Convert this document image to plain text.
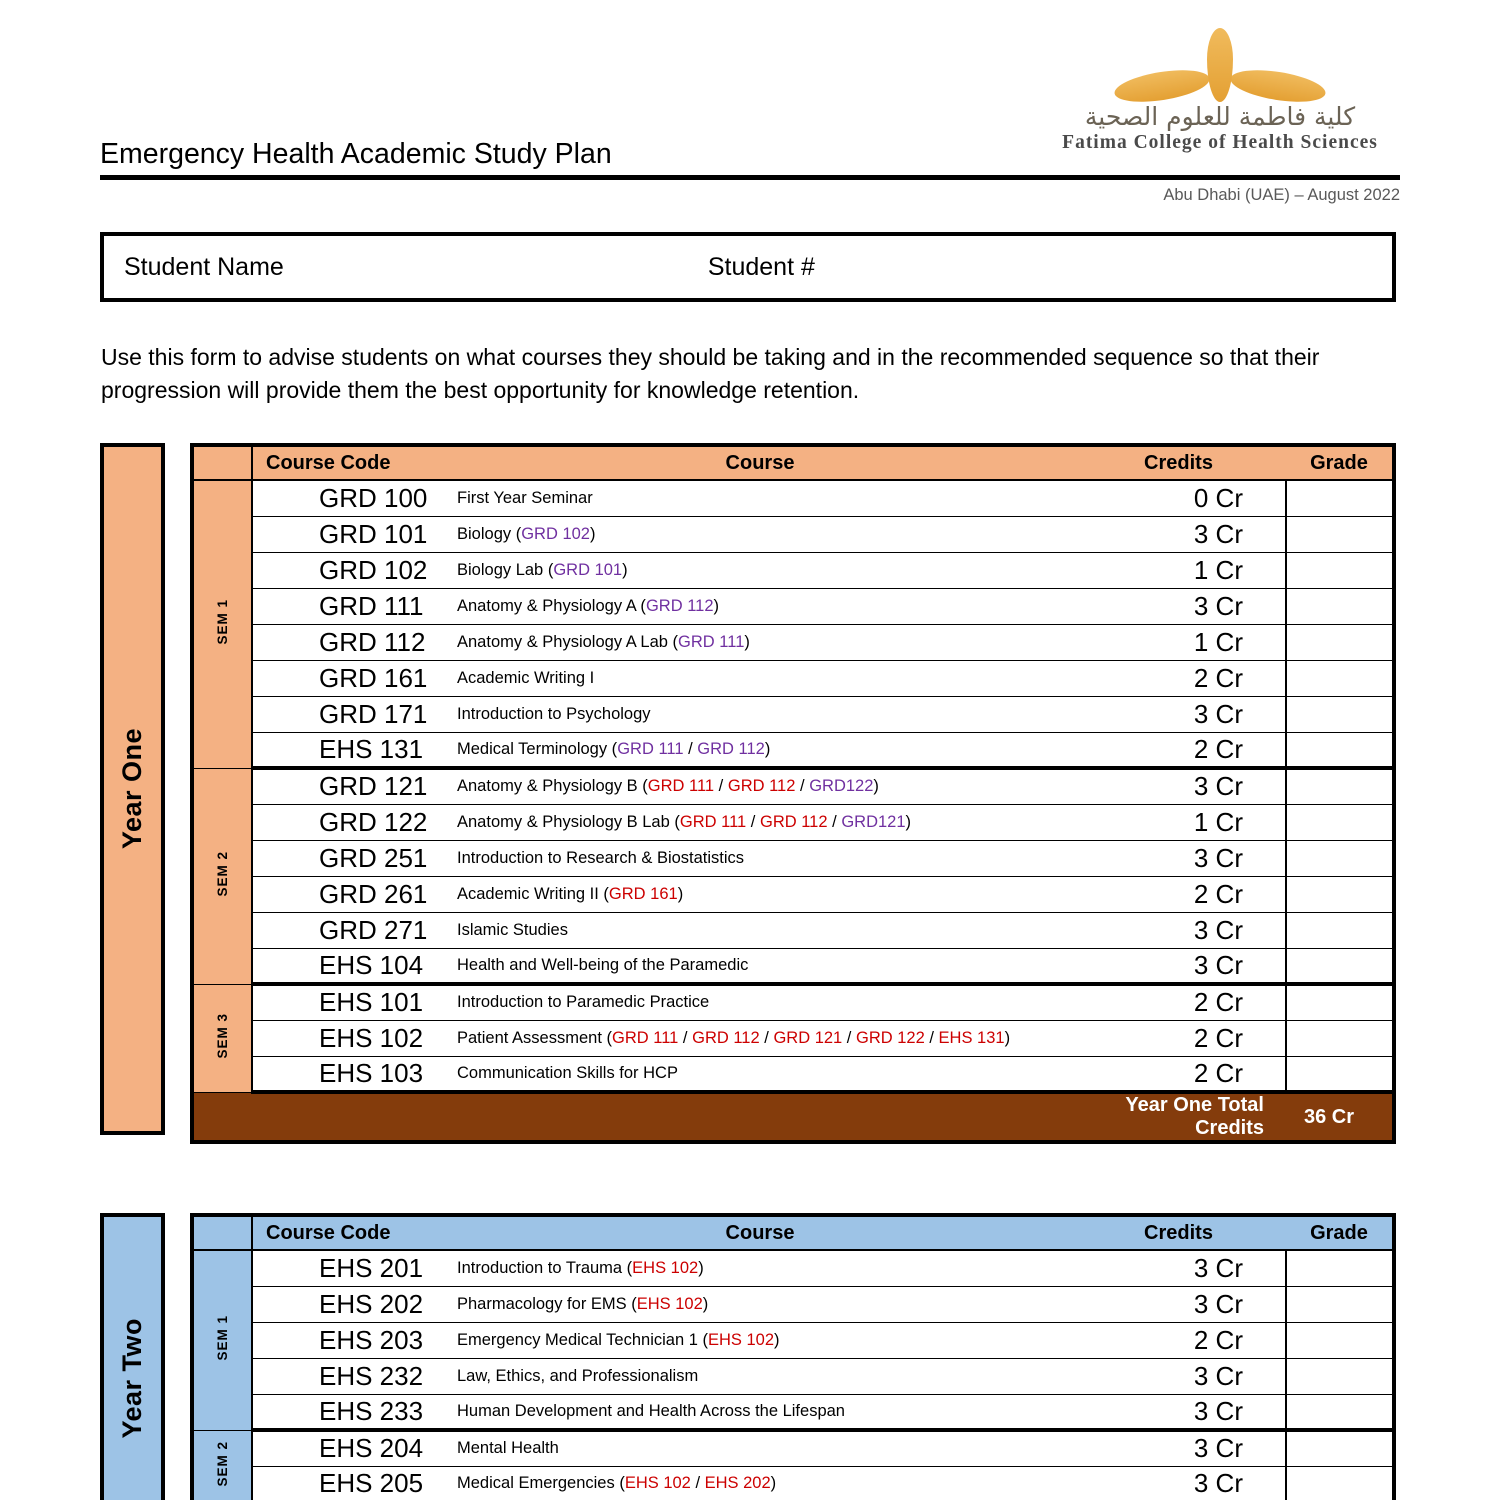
كلية فاطمة للعلوم الصحية
Fatima College of Health Sciences
Emergency Health Academic Study Plan
Abu Dhabi (UAE) – August 2022
Student Name	Student #
Use this form to advise students on what courses they should be taking and in the recommended sequence so that their progression will provide them the best opportunity for knowledge retention.
Year One
	Course Code	Course	Credits	Grade
SEM 1	GRD 100	First Year Seminar	0 Cr	
	GRD 101	Biology (GRD 102)	3 Cr	
	GRD 102	Biology Lab (GRD 101)	1 Cr	
	GRD 111	Anatomy & Physiology A (GRD 112)	3 Cr	
	GRD 112	Anatomy & Physiology A Lab (GRD 111)	1 Cr	
	GRD 161	Academic Writing I	2 Cr	
	GRD 171	Introduction to Psychology	3 Cr	
	EHS 131	Medical Terminology (GRD 111 / GRD 112)	2 Cr	
SEM 2	GRD 121	Anatomy & Physiology B (GRD 111 / GRD 112 / GRD122)	3 Cr	
	GRD 122	Anatomy & Physiology B Lab (GRD 111 / GRD 112 / GRD121)	1 Cr	
	GRD 251	Introduction to Research & Biostatistics	3 Cr	
	GRD 261	Academic Writing II (GRD 161)	2 Cr	
	GRD 271	Islamic Studies	3 Cr	
	EHS 104	Health and Well-being of the Paramedic	3 Cr	
SEM 3	EHS 101	Introduction to Paramedic Practice	2 Cr	
	EHS 102	Patient Assessment (GRD 111 / GRD 112 / GRD 121 / GRD 122 / EHS 131)	2 Cr	
	EHS 103	Communication Skills for HCP	2 Cr	
			Year One Total Credits	36 Cr
Year Two
	Course Code	Course	Credits	Grade
SEM 1	EHS 201	Introduction to Trauma (EHS 102)	3 Cr	
	EHS 202	Pharmacology for EMS (EHS 102)	3 Cr	
	EHS 203	Emergency Medical Technician 1 (EHS 102)	2 Cr	
	EHS 232	Law, Ethics, and Professionalism	3 Cr	
	EHS 233	Human Development and Health Across the Lifespan	3 Cr	
SEM 2	EHS 204	Mental Health	3 Cr	
	EHS 205	Medical Emergencies (EHS 102 / EHS 202)	3 Cr	
